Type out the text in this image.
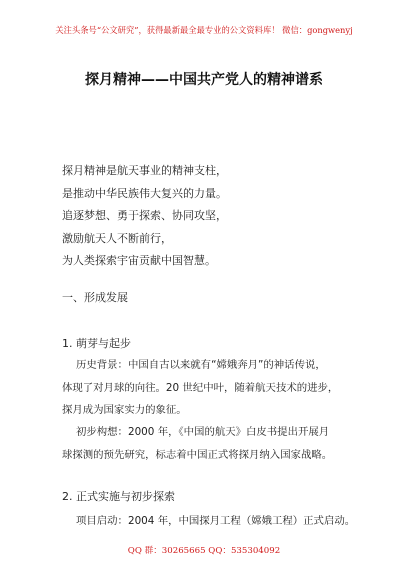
关注头条号“公文研究”，获得最新最全最专业的公文资料库！ 微信：gongwenyj
探月精神——中国共产党人的精神谱系
探月精神是航天事业的精神支柱，
是推动中华民族伟大复兴的力量。
追逐梦想、勇于探索、协同攻坚，
激励航天人不断前行，
为人类探索宇宙贡献中国智慧。
一、形成发展
1. 萌芽与起步
历史背景：中国自古以来就有“嫦娥奔月”的神话传说，
体现了对月球的向往。20 世纪中叶，随着航天技术的进步，
探月成为国家实力的象征。
初步构想：2000 年，《中国的航天》白皮书提出开展月
球探测的预先研究，标志着中国正式将探月纳入国家战略。
2. 正式实施与初步探索
项目启动：2004 年，中国探月工程（嫦娥工程）正式启动。
QQ 群：30265665 QQ：535304092
